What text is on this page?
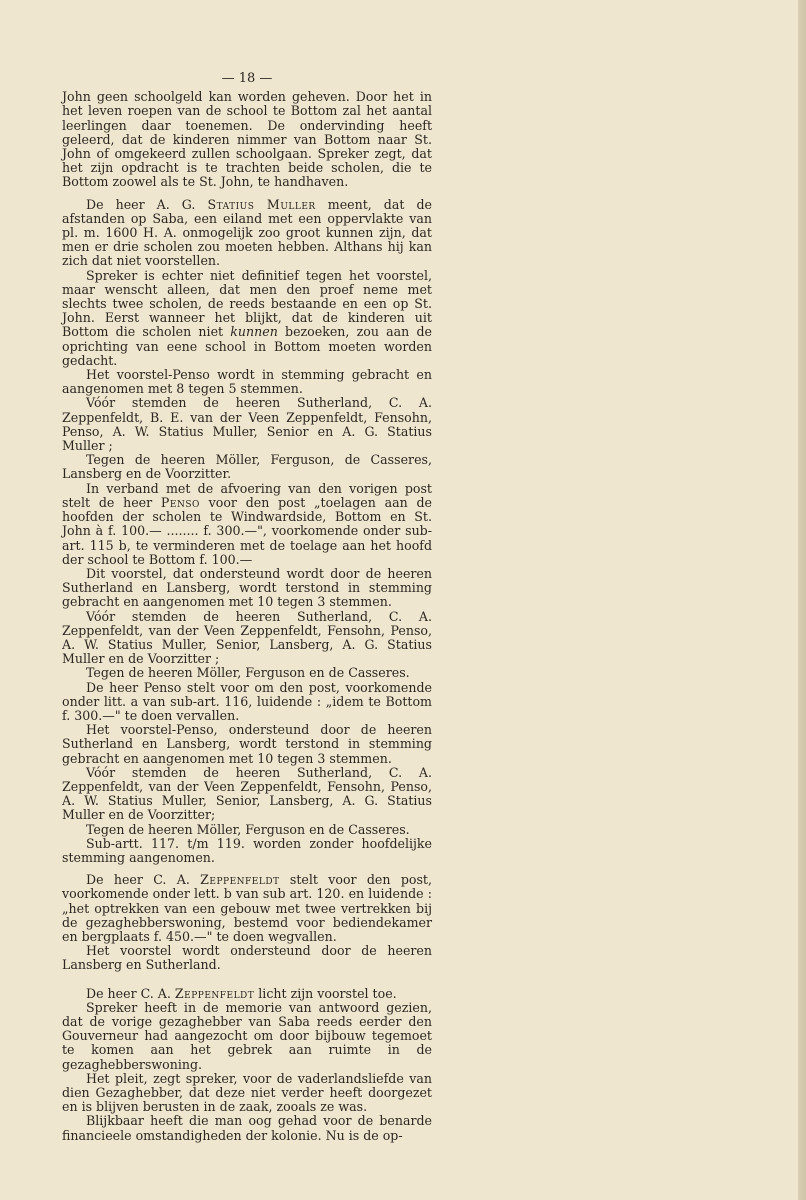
— 18 —

John geen schoolgeld kan worden geheven. Door het in het leven roepen van de school te Bottom zal het aantal leerlingen daar toenemen. De ondervinding heeft geleerd, dat de kinderen nimmer van Bottom naar St. John of omgekeerd zullen schoolgaan. Spreker zegt, dat het zijn opdracht is te trachten beide scholen, die te Bottom zoowel als te St. John, te handhaven.

De heer A. G. Statius Muller meent, dat de afstanden op Saba, een eiland met een oppervlakte van pl. m. 1600 H. A. onmogelijk zoo groot kunnen zijn, dat men er drie scholen zou moeten hebben. Althans hij kan zich dat niet voorstellen.

Spreker is echter niet definitief tegen het voorstel, maar wenscht alleen, dat men den proef neme met slechts twee scholen, de reeds bestaande en een op St. John. Eerst wanneer het blijkt, dat de kinderen uit Bottom die scholen niet kunnen bezoeken, zou aan de oprichting van eene school in Bottom moeten worden gedacht.

Het voorstel-Penso wordt in stemming gebracht en aangenomen met 8 tegen 5 stemmen.

Vóór stemden de heeren Sutherland, C. A. Zeppenfeldt, B. E. van der Veen Zeppenfeldt, Fensohn, Penso, A. W. Statius Muller, Senior en A. G. Statius Muller ;

Tegen de heeren Möller, Ferguson, de Casseres, Lansberg en de Voorzitter.

In verband met de afvoering van den vorigen post stelt de heer Penso voor den post „toelagen aan de hoofden der scholen te Windwardside, Bottom en St. John à f. 100.— ........ f. 300.—", voorkomende onder sub-art. 115 b, te verminderen met de toelage aan het hoofd der school te Bottom f. 100.—

Dit voorstel, dat ondersteund wordt door de heeren Sutherland en Lansberg, wordt terstond in stemming gebracht en aangenomen met 10 tegen 3 stemmen.

Vóór stemden de heeren Sutherland, C. A. Zeppenfeldt, van der Veen Zeppenfeldt, Fensohn, Penso, A. W. Statius Muller, Senior, Lansberg, A. G. Statius Muller en de Voorzitter ;

Tegen de heeren Möller, Ferguson en de Casseres.

De heer Penso stelt voor om den post, voorkomende onder litt. a van sub-art. 116, luidende : „idem te Bottom f. 300.—" te doen vervallen.

Het voorstel-Penso, ondersteund door de heeren Sutherland en Lansberg, wordt terstond in stemming gebracht en aangenomen met 10 tegen 3 stemmen.

Vóór stemden de heeren Sutherland, C. A. Zeppenfeldt, van der Veen Zeppenfeldt, Fensohn, Penso, A. W. Statius Muller, Senior, Lansberg, A. G. Statius Muller en de Voorzitter;

Tegen de heeren Möller, Ferguson en de Casseres.

Sub-artt. 117. t/m 119. worden zonder hoofdelijke stemming aangenomen.

De heer C. A. Zeppenfeldt stelt voor den post, voorkomende onder lett. b van sub art. 120. en luidende : „het optrekken van een gebouw met twee vertrekken bij de gezaghebberswoning, bestemd voor bediendekamer en bergplaats f. 450.—" te doen wegvallen.

Het voorstel wordt ondersteund door de heeren Lansberg en Sutherland.

De heer C. A. Zeppenfeldt licht zijn voorstel toe.

Spreker heeft in de memorie van antwoord gezien, dat de vorige gezaghebber van Saba reeds eerder den Gouverneur had aangezocht om door bijbouw tegemoet te komen aan het gebrek aan ruimte in de gezaghebberswoning.

Het pleit, zegt spreker, voor de vaderlandsliefde van dien Gezaghebber, dat deze niet verder heeft doorgezet en is blijven berusten in de zaak, zooals ze was.

Blijkbaar heeft die man oog gehad voor de benarde financieele omstandigheden der kolonie. Nu is de op-
